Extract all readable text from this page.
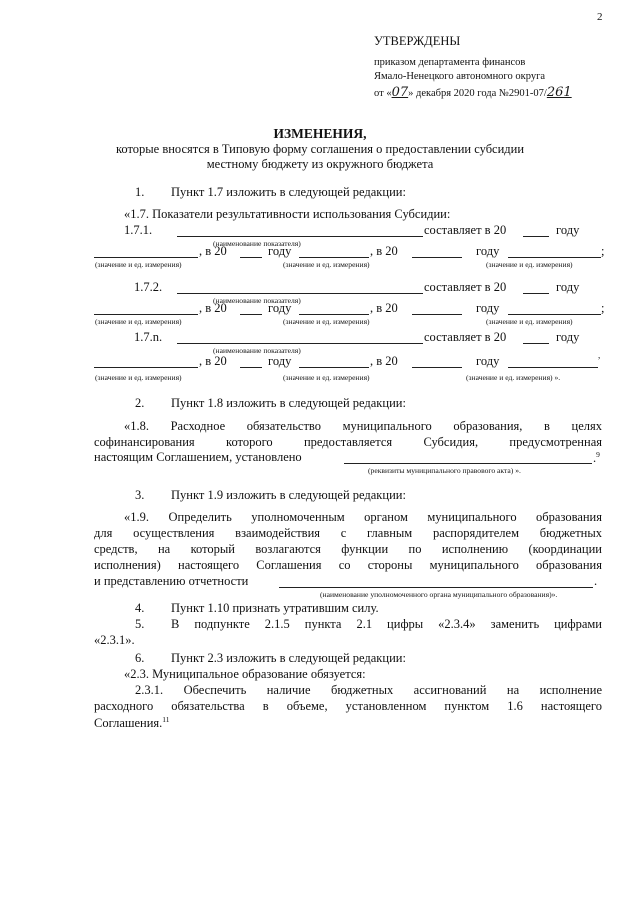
2
УТВЕРЖДЕНЫ
приказом департамента финансов
Ямало-Ненецкого автономного округа
от «07» декабря 2020 года №2901-07/261
ИЗМЕНЕНИЯ,
которые вносятся в Типовую форму соглашения о предоставлении субсидии
местному бюджету из окружного бюджета
1. Пункт 1.7 изложить в следующей редакции:
«1.7. Показатели результативности использования Субсидии:
1.7.1.	составляет в 20	году
(наименование показателя)
, в 20	году	, в 20	году	;
(значение и ед. измерения)	(значение и ед. измерения)	(значение и ед. измерения)
1.7.2.	составляет в 20	году
(наименование показателя)
, в 20	году	, в 20	году	;
(значение и ед. измерения)	(значение и ед. измерения)	(значение и ед. измерения)
1.7.n.	составляет в 20	году
(наименование показателя)
, в 20	году	, в 20	году	,
(значение и ед. измерения)	(значение и ед. измерения)	(значение и ед. измерения) ».
2. Пункт 1.8 изложить в следующей редакции:
«1.8. Расходное обязательство муниципального образования, в целях
софинансирования которого предоставляется Субсидия, предусмотренная
настоящим Соглашением, установлено	.$^9$
(реквизиты муниципального правового акта) ».
3. Пункт 1.9 изложить в следующей редакции:
«1.9. Определить уполномоченным органом муниципального образования
для осуществления взаимодействия с главным распорядителем бюджетных
средств, на который возлагаются функции по исполнению (координации
исполнения) настоящего Соглашения со стороны муниципального образования
и представлению отчетности	.
(наименование уполномоченного органа муниципального образования)».
4. Пункт 1.10 признать утратившим силу.
5. В подпункте 2.1.5 пункта 2.1 цифры «2.3.4» заменить цифрами
«2.3.1».
6. Пункт 2.3 изложить в следующей редакции:
«2.3. Муниципальное образование обязуется:
2.3.1. Обеспечить наличие бюджетных ассигнований на исполнение
расходного обязательства в объеме, установленном пунктом 1.6 настоящего
Соглашения.$^{11}$
